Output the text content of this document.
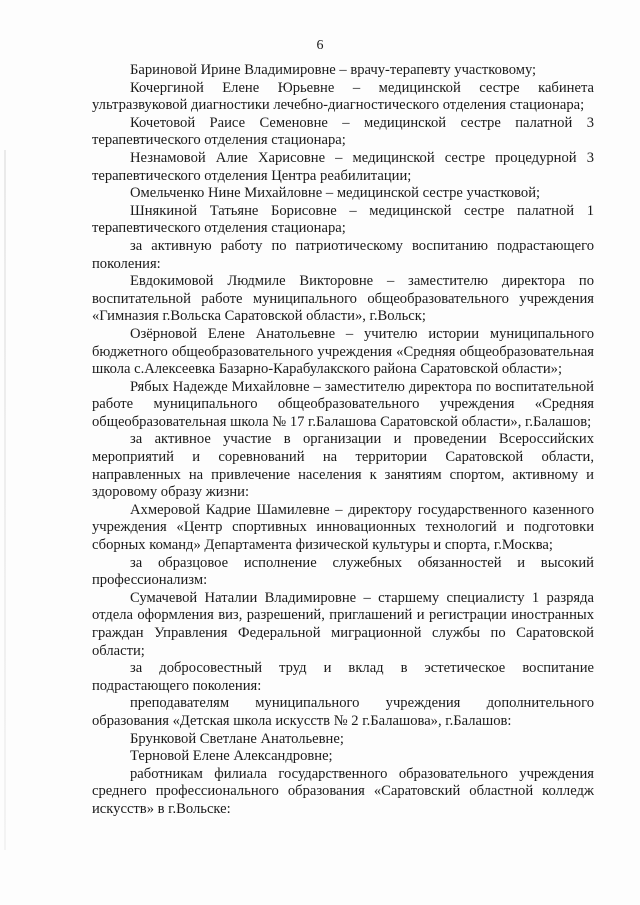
6

Бариновой Ирине Владимировне – врачу-терапевту участковому;

Кочергиной Елене Юрьевне – медицинской сестре кабинета ультразвуковой диагностики лечебно-диагностического отделения стационара;

Кочетовой Раисе Семеновне – медицинской сестре палатной 3 терапевтического отделения стационара;

Незнамовой Алие Харисовне – медицинской сестре процедурной 3 терапевтического отделения Центра реабилитации;

Омельченко Нине Михайловне – медицинской сестре участковой;

Шнякиной Татьяне Борисовне – медицинской сестре палатной 1 терапевтического отделения стационара;

за активную работу по патриотическому воспитанию подрастающего поколения:

Евдокимовой Людмиле Викторовне – заместителю директора по воспитательной работе муниципального общеобразовательного учреждения «Гимназия г.Вольска Саратовской области», г.Вольск;

Озёрновой Елене Анатольевне – учителю истории муниципального бюджетного общеобразовательного учреждения «Средняя общеобразовательная школа с.Алексеевка Базарно-Карабулакского района Саратовской области»;

Рябых Надежде Михайловне – заместителю директора по воспитательной работе муниципального общеобразовательного учреждения «Средняя общеобразовательная школа № 17 г.Балашова Саратовской области», г.Балашов;

за активное участие в организации и проведении Всероссийских мероприятий и соревнований на территории Саратовской области, направленных на привлечение населения к занятиям спортом, активному и здоровому образу жизни:

Ахмеровой Кадрие Шамилевне – директору государственного казенного учреждения «Центр спортивных инновационных технологий и подготовки сборных команд» Департамента физической культуры и спорта, г.Москва;

за образцовое исполнение служебных обязанностей и высокий профессионализм:

Сумачевой Наталии Владимировне – старшему специалисту 1 разряда отдела оформления виз, разрешений, приглашений и регистрации иностранных граждан Управления Федеральной миграционной службы по Саратовской области;

за добросовестный труд и вклад в эстетическое воспитание подрастающего поколения:

преподавателям муниципального учреждения дополнительного образования «Детская школа искусств № 2 г.Балашова», г.Балашов:

Брунковой Светлане Анатольевне;

Терновой Елене Александровне;

работникам филиала государственного образовательного учреждения среднего профессионального образования «Саратовский областной колледж искусств» в г.Вольске:
